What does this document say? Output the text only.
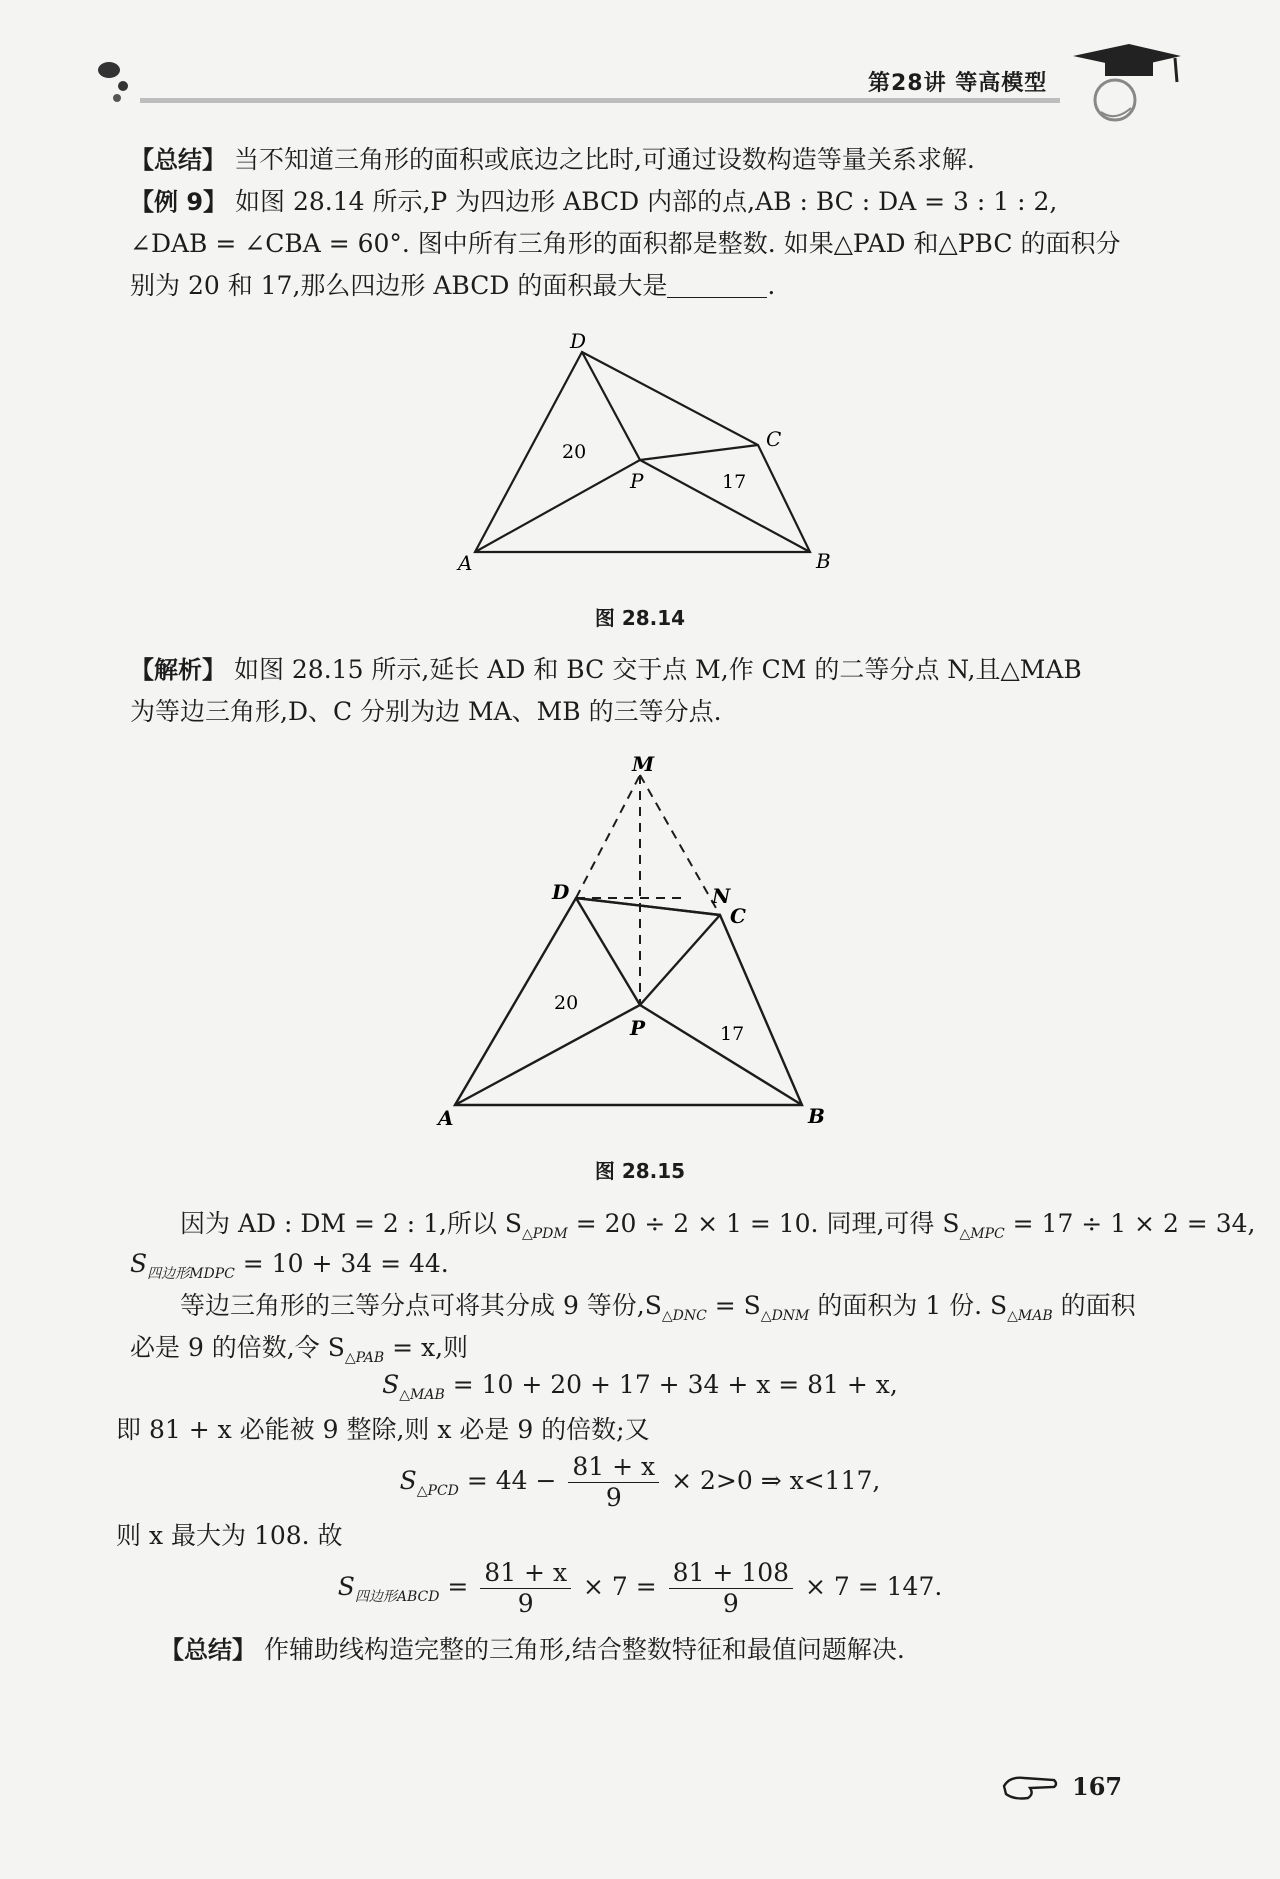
第28讲 等高模型
【总结】 当不知道三角形的面积或底边之比时,可通过设数构造等量关系求解.
【例 9】 如图 28.14 所示,P 为四边形 ABCD 内部的点,AB : BC : DA = 3 : 1 : 2,
∠DAB = ∠CBA = 60°. 图中所有三角形的面积都是整数. 如果△PAD 和△PBC 的面积分
别为 20 和 17,那么四边形 ABCD 的面积最大是	.
A	B
C
D
P
20
17
图 28.14
【解析】 如图 28.15 所示,延长 AD 和 BC 交于点 M,作 CM 的二等分点 N,且△MAB
为等边三角形,D、C 分别为边 MA、MB 的三等分点.
M
N
D
C
P
A	B
20
17
图 28.15
因为 AD : DM = 2 : 1,所以 $S_{\triangle PDM} = 20 \div 2 \times 1 = 10$. 同理,可得 $S_{\triangle MPC} = 17 \div 1 \times 2 = 34$,
$S_{四边形MDPC} = 10 + 34 = 44$.
等边三角形的三等分点可将其分成 9 等份$,S_{\triangle DNC} = S_{\triangle DNM}$ 的面积为 1 份. $S_{\triangle MAB}$ 的面积
必是 9 的倍数,令 $S_{\triangle PAB} = x$,则
$S_{\triangle MAB} = 10 + 20 + 17 + 34 + x = 81 + x$,
即 81 + x 必能被 9 整除,则 x 必是 9 的倍数;又
$S_{\triangle PCD} = 44 - \frac{81 + x}{9} \times 2>0$ ⇒ x<117,
则 x 最大为 108. 故
$S_{四边形ABCD} = \frac{81 + x}{9} \times 7 = \frac{81 + 108}{9} \times 7 = 147$.
【总结】 作辅助线构造完整的三角形,结合整数特征和最值问题解决.
167
